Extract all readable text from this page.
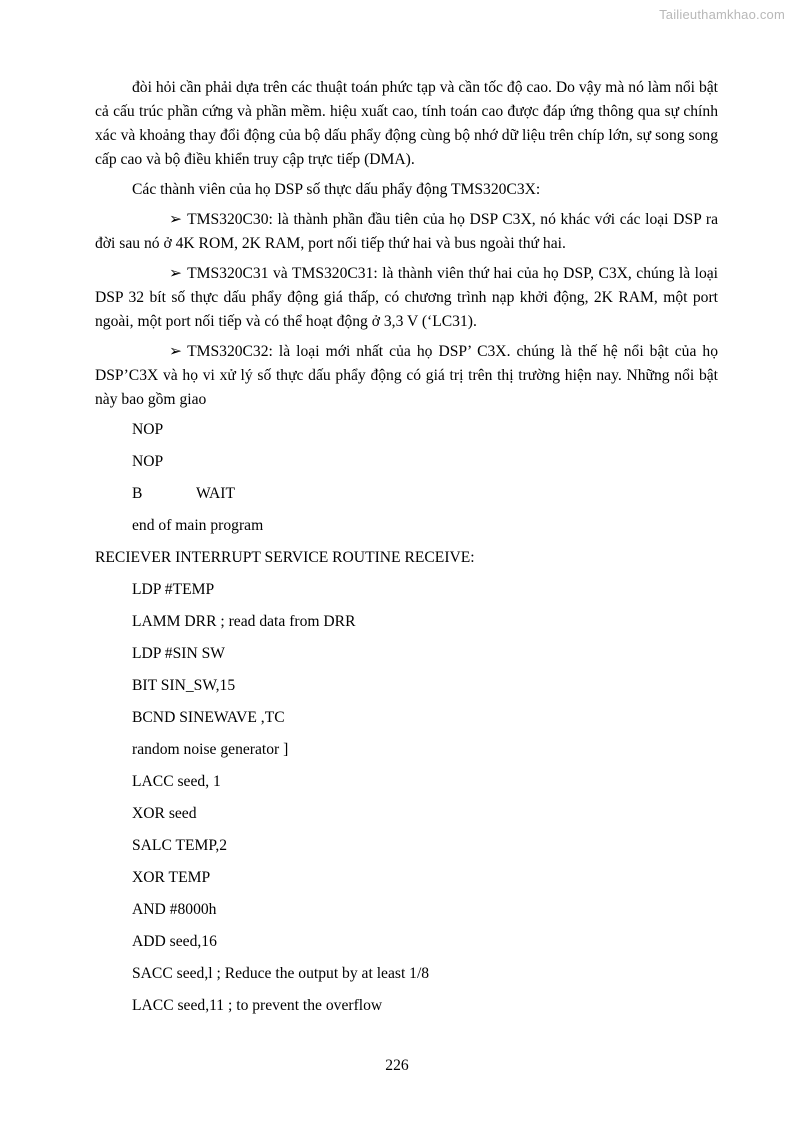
Tailieuthamkhao.com

đòi hỏi cần phải dựa trên các thuật toán phức tạp và cần tốc độ cao. Do vậy mà nó làm nổi bật cả cấu trúc phần cứng và phần mềm. hiệu xuất cao, tính toán cao được đáp ứng thông qua sự chính xác và khoảng thay đổi động của bộ dấu phẩy động cùng bộ nhớ dữ liệu trên chíp lớn, sự song song cấp cao và bộ điều khiển truy cập trực tiếp (DMA).

Các thành viên của họ DSP số thực dấu phẩy động TMS320C3X:

➢ TMS320C30: là thành phần đầu tiên của họ DSP C3X, nó khác với các loại DSP ra đời sau nó ở 4K ROM, 2K RAM, port nối tiếp thứ hai và bus ngoài thứ hai.

➢ TMS320C31 và TMS320C31: là thành viên thứ hai của họ DSP, C3X, chúng là loại DSP 32 bít số thực dấu phẩy động giá thấp, có chương trình nạp khởi động, 2K RAM, một port ngoài, một port nối tiếp và có thể hoạt động ở 3,3 V (‘LC31).

➢ TMS320C32: là loại mới nhất của họ DSP’ C3X. chúng là thế hệ nổi bật của họ DSP’C3X và họ vi xử lý số thực dấu phẩy động có giá trị trên thị trường hiện nay. Những nổi bật này bao gồm giao

NOP
NOP
B	WAIT
end of main program
RECIEVER INTERRUPT SERVICE ROUTINE RECEIVE:
LDP #TEMP
LAMM DRR ; read data from DRR
LDP #SIN SW
BIT SIN_SW,15
BCND SINEWAVE ,TC
random noise generator ]
LACC seed, 1
XOR seed
SALC TEMP,2
XOR TEMP
AND #8000h
ADD seed,16
SACC seed,l ; Reduce the output by at least 1/8
LACC seed,11 ; to prevent the overflow
226
